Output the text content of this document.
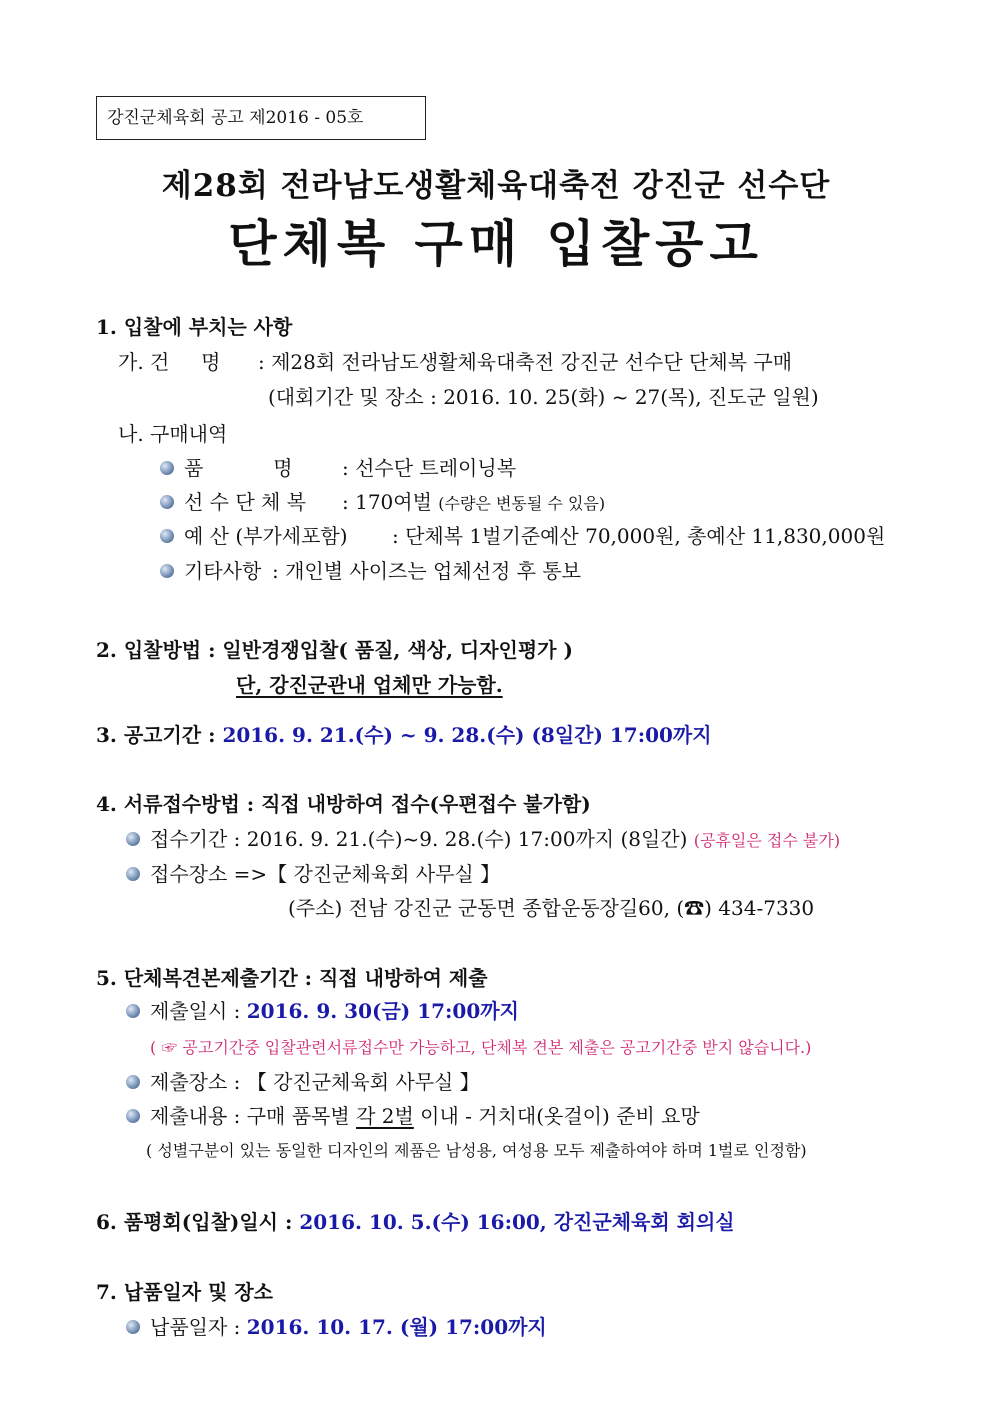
강진군체육회 공고 제2016 - 05호
제28회 전라남도생활체육대축전 강진군 선수단
단체복 구매 입찰공고
1. 입찰에 부치는 사항
가. 건     명 : 제28회 전라남도생활체육대축전 강진군 선수단 단체복 구매
(대회기간 및 장소 : 2016. 10. 25(화) ~ 27(목), 진도군 일원)
나. 구매내역
품           명 : 선수단 트레이닝복
선 수 단 체 복 : 170여벌 (수량은 변동될 수 있음)
예 산 (부가세포함) : 단체복 1벌기준예산 70,000원, 총예산 11,830,000원
기타사항 : 개인별 사이즈는 업체선정 후 통보
2. 입찰방법 : 일반경쟁입찰( 품질, 색상, 디자인평가 )
단, 강진군관내 업체만 가능함.
3. 공고기간 : 2016. 9. 21.(수) ~ 9. 28.(수) (8일간) 17:00까지
4. 서류접수방법 : 직접 내방하여 접수(우편접수 불가함)
접수기간 : 2016. 9. 21.(수)~9. 28.(수) 17:00까지 (8일간) (공휴일은 접수 불가)
접수장소 =>【 강진군체육회 사무실 】
(주소) 전남 강진군 군동면 종합운동장길60, (☎) 434-7330
5. 단체복견본제출기간 : 직접 내방하여 제출
제출일시 : 2016. 9. 30(금) 17:00까지
( ☞ 공고기간중 입찰관련서류접수만 가능하고, 단체복 견본 제출은 공고기간중 받지 않습니다.)
제출장소 : 【 강진군체육회 사무실 】
제출내용 : 구매 품목별 각 2벌 이내 - 거치대(옷걸이) 준비 요망
( 성별구분이 있는 동일한 디자인의 제품은 남성용, 여성용 모두 제출하여야 하며 1벌로 인정함)
6. 품평회(입찰)일시 : 2016. 10. 5.(수) 16:00, 강진군체육회 회의실
7. 납품일자 및 장소
납품일자 : 2016. 10. 17. (월) 17:00까지
